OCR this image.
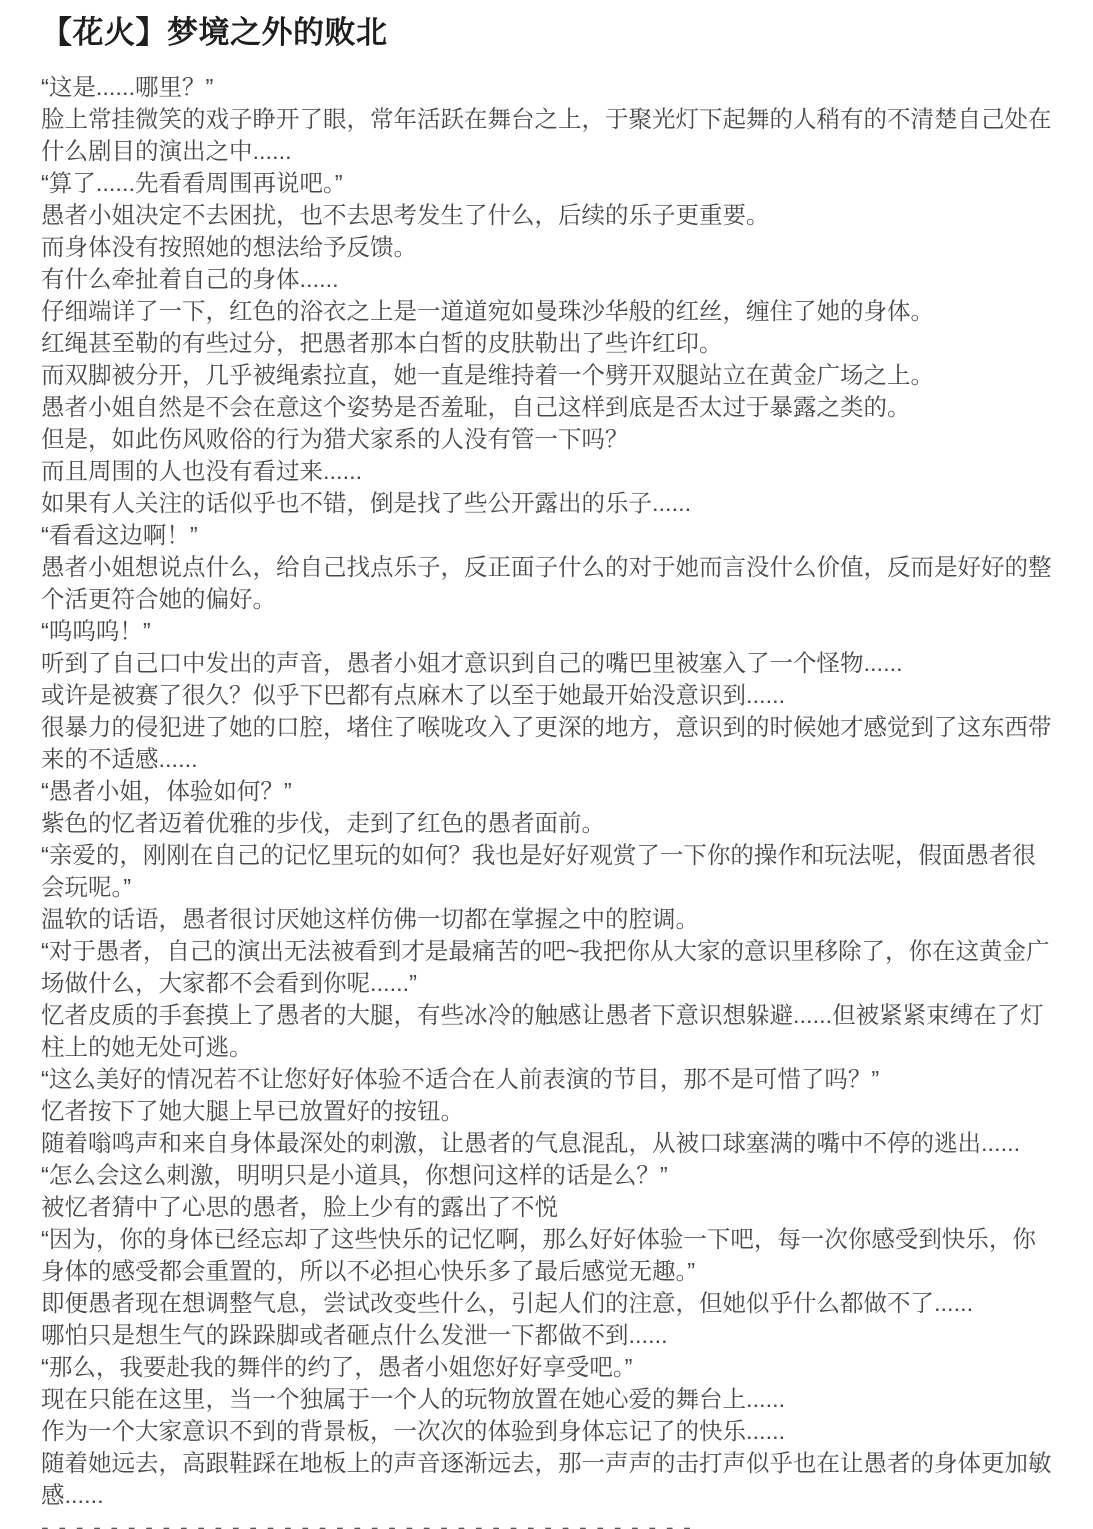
【花火】梦境之外的败北

“这是......哪里？”

脸上常挂微笑的戏子睁开了眼，常年活跃在舞台之上，于聚光灯下起舞的人稍有的不清楚自己处在什么剧目的演出之中......

“算了......先看看周围再说吧。”

愚者小姐决定不去困扰，也不去思考发生了什么，后续的乐子更重要。

而身体没有按照她的想法给予反馈。

有什么牵扯着自己的身体......

仔细端详了一下，红色的浴衣之上是一道道宛如曼珠沙华般的红丝，缠住了她的身体。

红绳甚至勒的有些过分，把愚者那本白皙的皮肤勒出了些许红印。

而双脚被分开，几乎被绳索拉直，她一直是维持着一个劈开双腿站立在黄金广场之上。

愚者小姐自然是不会在意这个姿势是否羞耻，自己这样到底是否太过于暴露之类的。

但是，如此伤风败俗的行为猎犬家系的人没有管一下吗？

而且周围的人也没有看过来......

如果有人关注的话似乎也不错，倒是找了些公开露出的乐子......

“看看这边啊！”

愚者小姐想说点什么，给自己找点乐子，反正面子什么的对于她而言没什么价值，反而是好好的整个活更符合她的偏好。

“呜呜呜！”

听到了自己口中发出的声音，愚者小姐才意识到自己的嘴巴里被塞入了一个怪物......

或许是被赛了很久？似乎下巴都有点麻木了以至于她最开始没意识到......

很暴力的侵犯进了她的口腔，堵住了喉咙攻入了更深的地方，意识到的时候她才感觉到了这东西带来的不适感......

“愚者小姐，体验如何？”

紫色的忆者迈着优雅的步伐，走到了红色的愚者面前。

“亲爱的，刚刚在自己的记忆里玩的如何？我也是好好观赏了一下你的操作和玩法呢，假面愚者很会玩呢。”

温软的话语，愚者很讨厌她这样仿佛一切都在掌握之中的腔调。

“对于愚者，自己的演出无法被看到才是最痛苦的吧~我把你从大家的意识里移除了，你在这黄金广场做什么，大家都不会看到你呢......”

忆者皮质的手套摸上了愚者的大腿，有些冰冷的触感让愚者下意识想躲避......但被紧紧束缚在了灯柱上的她无处可逃。

“这么美好的情况若不让您好好体验不适合在人前表演的节目，那不是可惜了吗？”

忆者按下了她大腿上早已放置好的按钮。

随着嗡鸣声和来自身体最深处的刺激，让愚者的气息混乱，从被口球塞满的嘴中不停的逃出......

“怎么会这么刺激，明明只是小道具，你想问这样的话是么？”

被忆者猜中了心思的愚者，脸上少有的露出了不悦

“因为，你的身体已经忘却了这些快乐的记忆啊，那么好好体验一下吧，每一次你感受到快乐，你身体的感受都会重置的，所以不必担心快乐多了最后感觉无趣。”

即便愚者现在想调整气息，尝试改变些什么，引起人们的注意，但她似乎什么都做不了......

哪怕只是想生气的跺跺脚或者砸点什么发泄一下都做不到......

“那么，我要赴我的舞伴的约了，愚者小姐您好好享受吧。”

现在只能在这里，当一个独属于一个人的玩物放置在她心爱的舞台上......

作为一个大家意识不到的背景板，一次次的体验到身体忘记了的快乐......

随着她远去，高跟鞋踩在地板上的声音逐渐远去，那一声声的击打声似乎也在让愚者的身体更加敏感......

- - - - - - - - - - - - - - - - - - - - - - - - - - - - - - - - - - - - - -
